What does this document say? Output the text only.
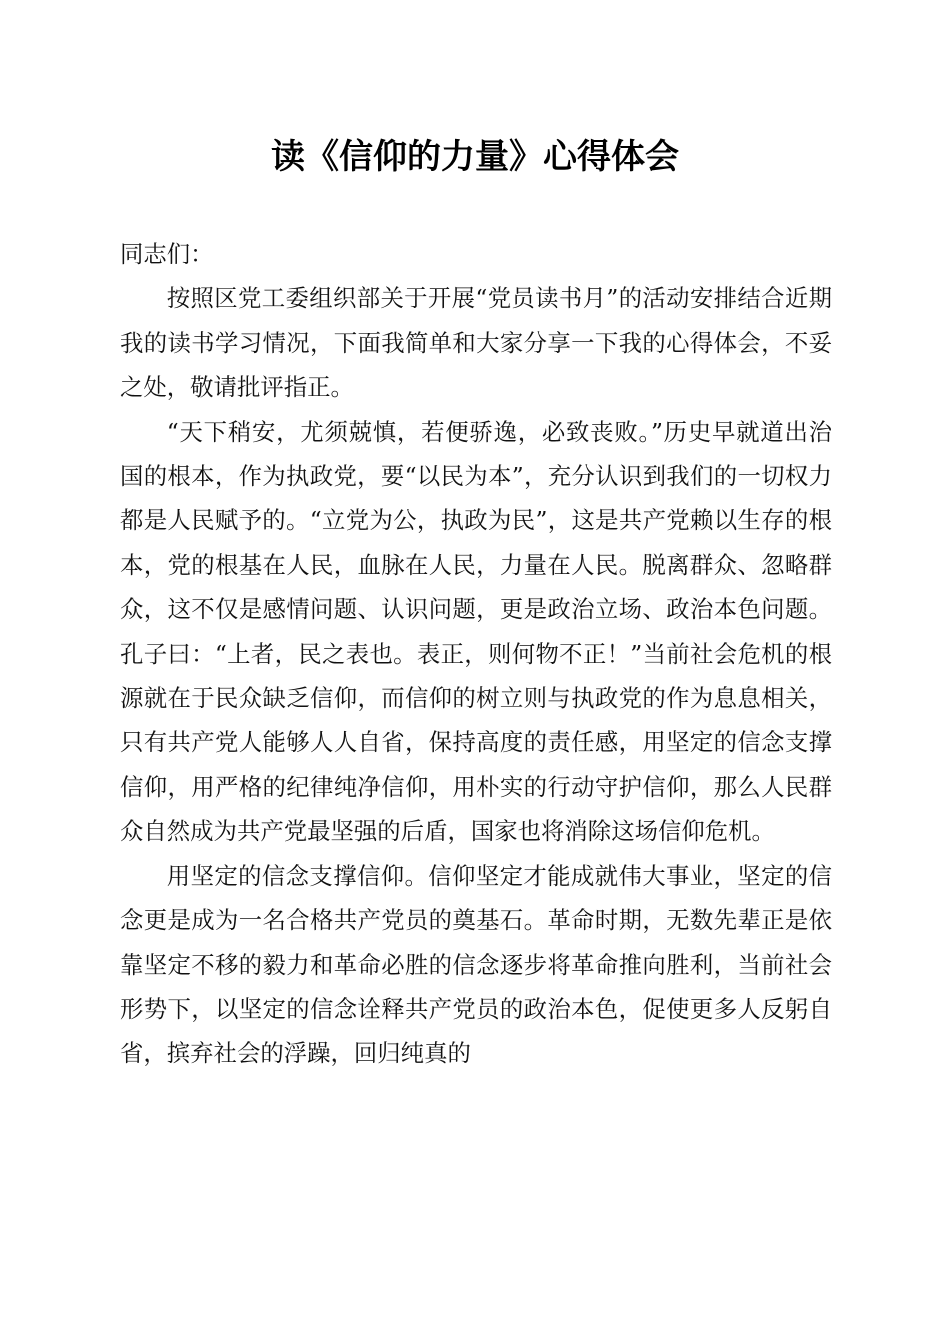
读《信仰的力量》心得体会

同志们：

按照区党工委组织部关于开展“党员读书月”的活动安排结合近期我的读书学习情况，下面我简单和大家分享一下我的心得体会，不妥之处，敬请批评指正。

“天下稍安，尤须兢慎，若便骄逸，必致丧败。”历史早就道出治国的根本，作为执政党，要“以民为本”，充分认识到我们的一切权力都是人民赋予的。“立党为公，执政为民”，这是共产党赖以生存的根本，党的根基在人民，血脉在人民，力量在人民。脱离群众、忽略群众，这不仅是感情问题、认识问题，更是政治立场、政治本色问题。孔子曰：“上者，民之表也。表正，则何物不正！”当前社会危机的根源就在于民众缺乏信仰，而信仰的树立则与执政党的作为息息相关，只有共产党人能够人人自省，保持高度的责任感，用坚定的信念支撑信仰，用严格的纪律纯净信仰，用朴实的行动守护信仰，那么人民群众自然成为共产党最坚强的后盾，国家也将消除这场信仰危机。

用坚定的信念支撑信仰。信仰坚定才能成就伟大事业，坚定的信念更是成为一名合格共产党员的奠基石。革命时期，无数先辈正是依靠坚定不移的毅力和革命必胜的信念逐步将革命推向胜利，当前社会形势下，以坚定的信念诠释共产党员的政治本色，促使更多人反躬自省，摈弃社会的浮躁，回归纯真的
